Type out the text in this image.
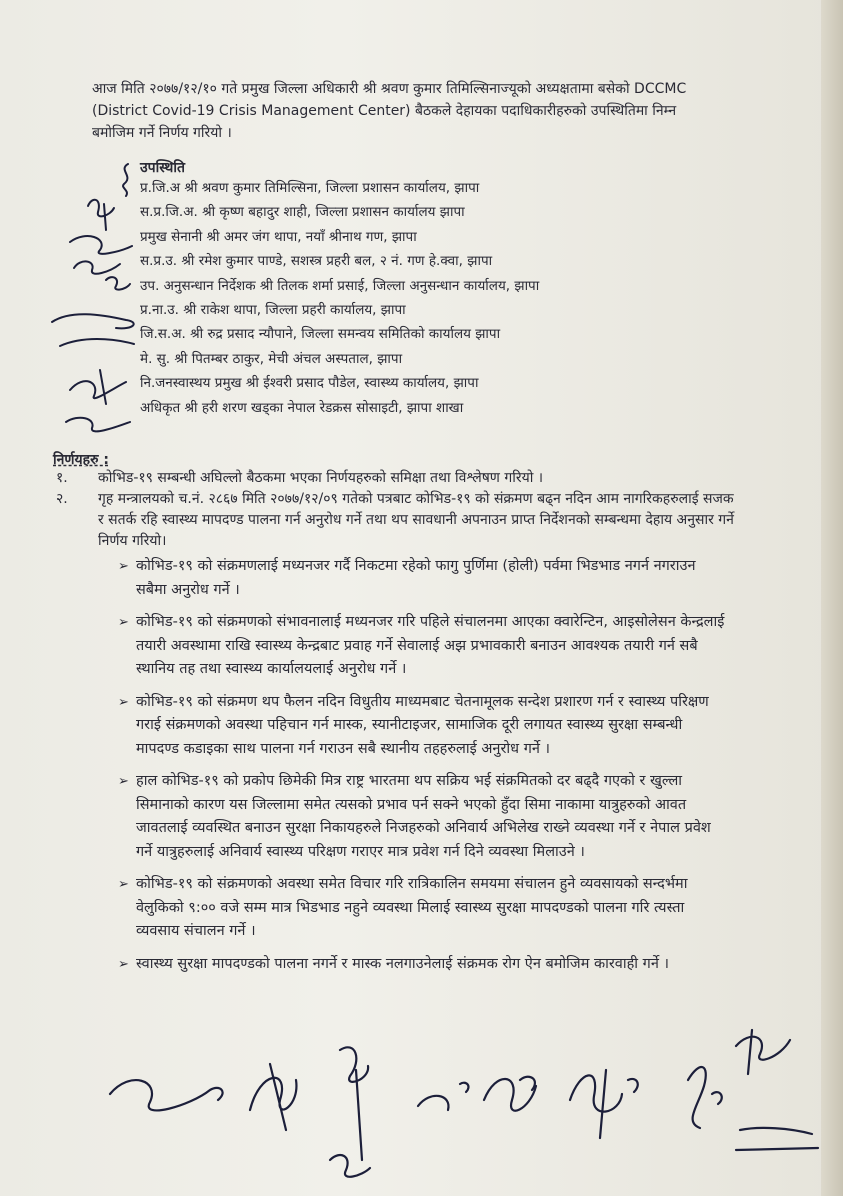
आज मिति २०७७/१२/१० गते प्रमुख जिल्ला अधिकारी श्री श्रवण कुमार तिमिल्सिनाज्यूको अध्यक्षतामा बसेको DCCMC (District Covid-19 Crisis Management Center) बैठकले देहायका पदाधिकारीहरुको उपस्थितिमा निम्न बमोजिम गर्ने निर्णय गरियो ।
उपस्थिति
प्र.जि.अ श्री श्रवण कुमार तिमिल्सिना, जिल्ला प्रशासन कार्यालय, झापा
स.प्र.जि.अ. श्री कृष्ण बहादुर शाही, जिल्ला प्रशासन कार्यालय झापा
प्रमुख सेनानी श्री अमर जंग थापा, नयाँ श्रीनाथ गण, झापा
स.प्र.उ. श्री रमेश कुमार पाण्डे, सशस्त्र प्रहरी बल, २ नं. गण हे.क्वा, झापा
उप. अनुसन्धान निर्देशक श्री तिलक शर्मा प्रसाई, जिल्ला अनुसन्धान कार्यालय, झापा
प्र.ना.उ. श्री राकेश थापा, जिल्ला प्रहरी कार्यालय, झापा
जि.स.अ. श्री रुद्र प्रसाद न्यौपाने, जिल्ला समन्वय समितिको कार्यालय झापा
मे. सु. श्री पितम्बर ठाकुर, मेची अंचल अस्पताल, झापा
नि.जनस्वास्थय प्रमुख श्री ईश्वरी प्रसाद पौडेल, स्वास्थ्य कार्यालय, झापा
अधिकृत श्री हरी शरण खड्का नेपाल रेडक्रस सोसाइटी, झापा शाखा
निर्णयहरु :
१.	कोभिड-१९ सम्बन्धी अघिल्लो बैठकमा भएका निर्णयहरुको समिक्षा तथा विश्लेषण गरियो ।
२.	गृह मन्त्रालयको च.नं. २८६७ मिति २०७७/१२/०९ गतेको पत्रबाट कोभिड-१९ को संक्रमण बढ्न नदिन आम नागरिकहरुलाई सजक र सतर्क रहि स्वास्थ्य मापदण्ड पालना गर्न अनुरोध गर्ने तथा थप सावधानी अपनाउन प्राप्त निर्देशनको सम्बन्धमा देहाय अनुसार गर्ने निर्णय गरियो।
➢ कोभिड-१९ को संक्रमणलाई मध्यनजर गर्दै निकटमा रहेको फागु पुर्णिमा (होली) पर्वमा भिडभाड नगर्न नगराउन सबैमा अनुरोध गर्ने ।
➢ कोभिड-१९ को संक्रमणको संभावनालाई मध्यनजर गरि पहिले संचालनमा आएका क्वारेन्टिन, आइसोलेसन केन्द्रलाई तयारी अवस्थामा राखि स्वास्थ्य केन्द्रबाट प्रवाह गर्ने सेवालाई अझ प्रभावकारी बनाउन आवश्यक तयारी गर्न सबै स्थानिय तह तथा स्वास्थ्य कार्यालयलाई अनुरोध गर्ने ।
➢ कोभिड-१९ को संक्रमण थप फैलन नदिन विधुतीय माध्यमबाट चेतनामूलक सन्देश प्रशारण गर्न र स्वास्थ्य परिक्षण गराई संक्रमणको अवस्था पहिचान गर्न मास्क, स्यानीटाइजर, सामाजिक दूरी लगायत स्वास्थ्य सुरक्षा सम्बन्धी मापदण्ड कडाइका साथ पालना गर्न गराउन सबै स्थानीय तहहरुलाई अनुरोध गर्ने ।
➢ हाल कोभिड-१९ को प्रकोप छिमेकी मित्र राष्ट्र भारतमा थप सक्रिय भई संक्रमितको दर बढ्दै गएको र खुल्ला सिमानाको कारण यस जिल्लामा समेत त्यसको प्रभाव पर्न सक्ने भएको हुँदा सिमा नाकामा यात्रुहरुको आवत जावतलाई व्यवस्थित बनाउन सुरक्षा निकायहरुले निजहरुको अनिवार्य अभिलेख राख्ने व्यवस्था गर्ने र नेपाल प्रवेश गर्ने यात्रुहरुलाई अनिवार्य स्वास्थ्य परिक्षण गराएर मात्र प्रवेश गर्न दिने व्यवस्था मिलाउने ।
➢ कोभिड-१९ को संक्रमणको अवस्था समेत विचार गरि रात्रिकालिन समयमा संचालन हुने व्यवसायको सन्दर्भमा वेलुकिको ९:०० वजे सम्म मात्र भिडभाड नहुने व्यवस्था मिलाई स्वास्थ्य सुरक्षा मापदण्डको पालना गरि त्यस्ता व्यवसाय संचालन गर्ने ।
➢ स्वास्थ्य सुरक्षा मापदण्डको पालना नगर्ने र मास्क नलगाउनेलाई संक्रमक रोग ऐन बमोजिम कारवाही गर्ने ।
